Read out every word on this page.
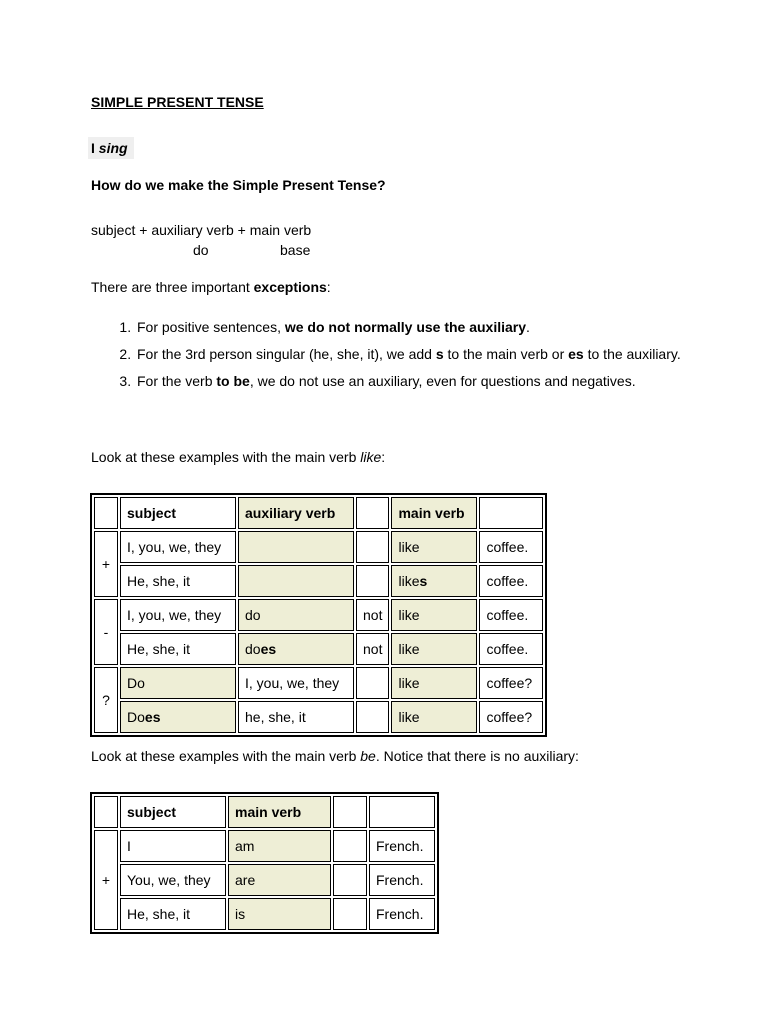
SIMPLE PRESENT TENSE

I sing

How do we make the Simple Present Tense?

subject + auxiliary verb + main verb

do	base

There are three important exceptions:

1. For positive sentences, we do not normally use the auxiliary.
2. For the 3rd person singular (he, she, it), we add s to the main verb or es to the auxiliary.
3. For the verb to be, we do not use an auxiliary, even for questions and negatives.

Look at these examples with the main verb like:

	subject	auxiliary verb		main verb	
+	I, you, we, they			like	coffee.
	He, she, it			likes	coffee.
-	I, you, we, they	do	not	like	coffee.
	He, she, it	does	not	like	coffee.
?	Do	I, you, we, they		like	coffee?
	Does	he, she, it		like	coffee?

Look at these examples with the main verb be. Notice that there is no auxiliary:

	subject	main verb		
+	I	am		French.
	You, we, they	are		French.
	He, she, it	is		French.
